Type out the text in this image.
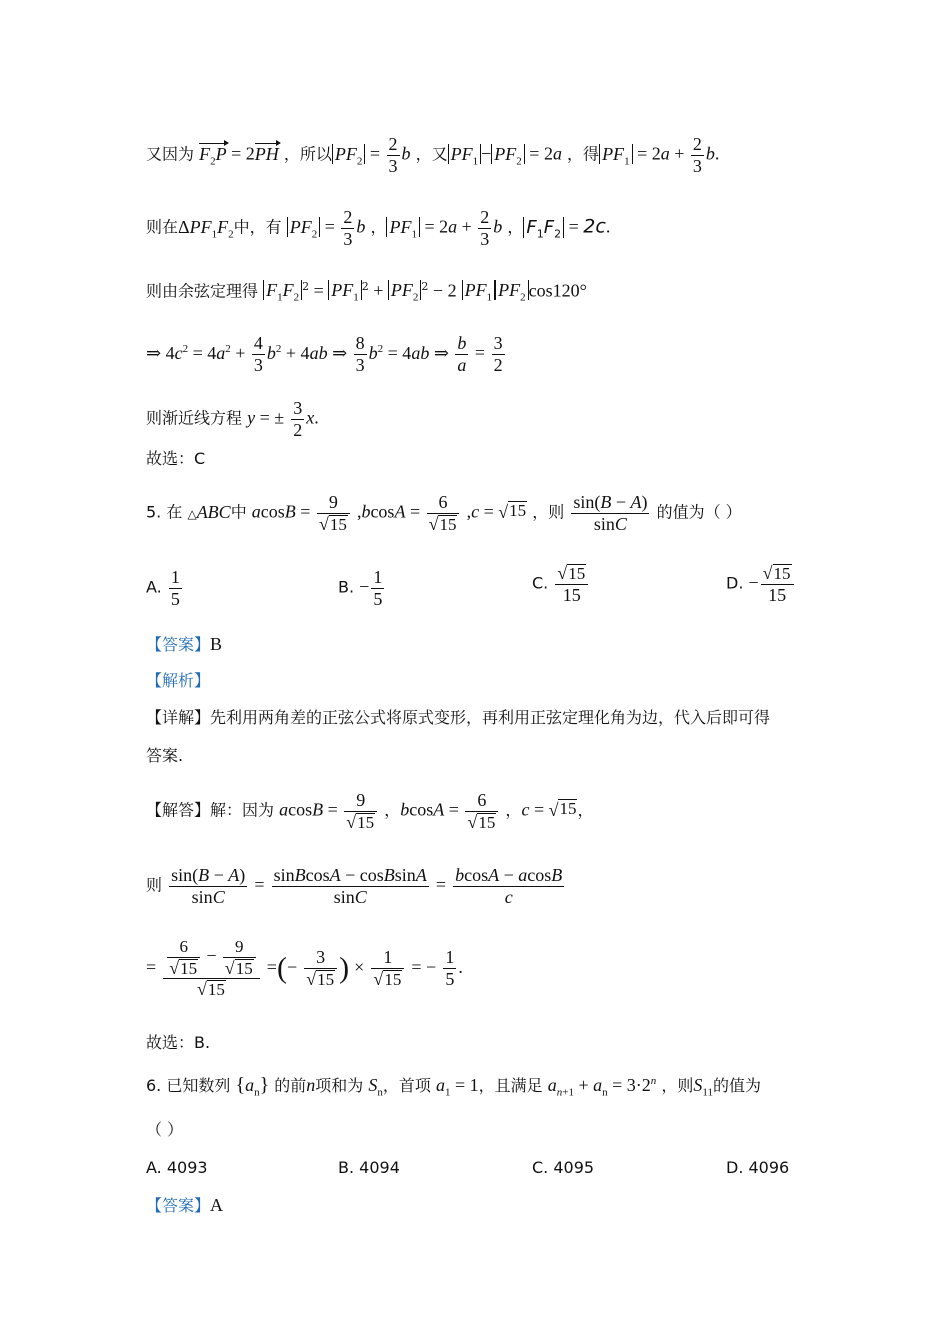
又因为 $F_2P = 2PH$ ，所以 $PF_2 = \frac{2}{3}$ b ，又 $PF_1 - PF_2 = 2a$ ，得 $PF_1 = 2a + \frac{2}{3} b$.
则在$\Delta PF_1F_2$中，有 $PF_2 = \frac{2}{3}$ b ， $PF_1 = 2a + \frac{2}{3}$ b ， $F_1F_2 = 2c$.
则由余弦定理得 $F_1F_2^2 = PF_1^2 + PF_2^2 - 2$ $PF_1$ $PF_2$ cos120°
⇒ $4c^2 = 4a^2 + \frac{4}{3} b^2 + 4ab$ ⇒ $\frac{8}{3} b^2 = 4ab$ ⇒ $\frac{b}{a} = \frac{3}{2}$
则渐近线方程 y = ± $\frac{3}{2} x$.
故选：C
5. 在 △ABC中 $acosB = \frac{9}{√ 15} ,bcosA = \frac{6}{√ 15} ,c$ = √ 15 ，则 $\frac{\sin(B - A)}{\sin C}$ 的值为（ ）
A. $\frac{1}{5}$	B. − $\frac{1}{5}$	C. $\frac{√ 15}{15}$	D. − $\frac{√ 15}{15}$
【答案】B
【解析】
【详解】先利用两角差的正弦公式将原式变形，再利用正弦定理化角为边，代入后即可得
答案.
【解答】解：因为 $acosB = \frac{9}{√ 15}$ ，$bcosA = \frac{6}{√ 15}$ ，c = √ 15 ，
则 $\frac{\sin(B - A)}{\sin C} = \frac{\text{sinBcosA − cosBsinA}}{\sin C} = \frac{bcosA - acosB}{c}$
= $\frac{\frac{6}{√ 15} - \frac{9}{√ 15}}{√ 15}$ =(− $\frac{3}{√ 15}$ ) × $\frac{1}{√ 15}$ = − $\frac{1}{5}$ .
故选：B.
6. 已知数列 $\{a_n\}$ 的前n项和为 $S_n$，首项 $a_1 = 1$，且满足 $a_{n+1} + a_n = 3\cdot 2^n$ ，则$S_{11}$的值为
（ ）
A. 4093	B. 4094	C. 4095	D. 4096
【答案】A
